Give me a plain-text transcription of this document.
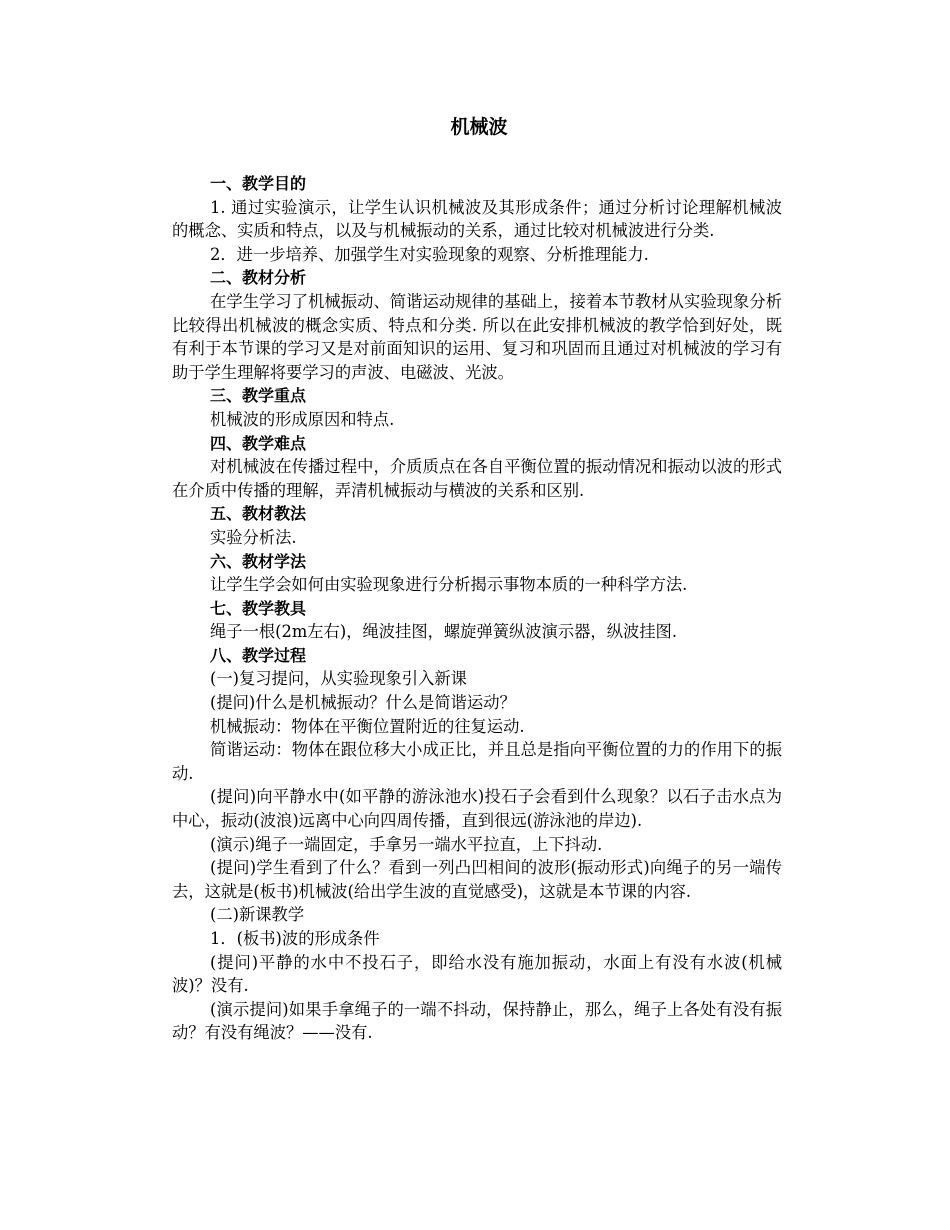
机械波

一、教学目的

1. 通过实验演示，让学生认识机械波及其形成条件；通过分析讨论理解机械波的概念、实质和特点，以及与机械振动的关系，通过比较对机械波进行分类.

2．进一步培养、加强学生对实验现象的观察、分析推理能力.

二、教材分析

在学生学习了机械振动、简谐运动规律的基础上，接着本节教材从实验现象分析比较得出机械波的概念实质、特点和分类. 所以在此安排机械波的教学恰到好处，既有利于本节课的学习又是对前面知识的运用、复习和巩固而且通过对机械波的学习有助于学生理解将要学习的声波、电磁波、光波。

三、教学重点

机械波的形成原因和特点.

四、教学难点

对机械波在传播过程中，介质质点在各自平衡位置的振动情况和振动以波的形式在介质中传播的理解，弄清机械振动与横波的关系和区别.

五、教材教法

实验分析法.

六、教材学法

让学生学会如何由实验现象进行分析揭示事物本质的一种科学方法.

七、教学教具

绳子一根(2m左右)，绳波挂图，螺旋弹簧纵波演示器，纵波挂图.

八、教学过程

(一)复习提问，从实验现象引入新课

(提问)什么是机械振动？什么是简谐运动？

机械振动：物体在平衡位置附近的往复运动.

简谐运动：物体在跟位移大小成正比，并且总是指向平衡位置的力的作用下的振动.

(提问)向平静水中(如平静的游泳池水)投石子会看到什么现象？以石子击水点为中心，振动(波浪)远离中心向四周传播，直到很远(游泳池的岸边).

(演示)绳子一端固定，手拿另一端水平拉直，上下抖动.

(提问)学生看到了什么？看到一列凸凹相间的波形(振动形式)向绳子的另一端传去，这就是(板书)机械波(给出学生波的直觉感受)，这就是本节课的内容.

(二)新课教学

1．(板书)波的形成条件

(提问)平静的水中不投石子，即给水没有施加振动，水面上有没有水波(机械波)？没有.

(演示提问)如果手拿绳子的一端不抖动，保持静止，那么，绳子上各处有没有振动？有没有绳波？——没有.
